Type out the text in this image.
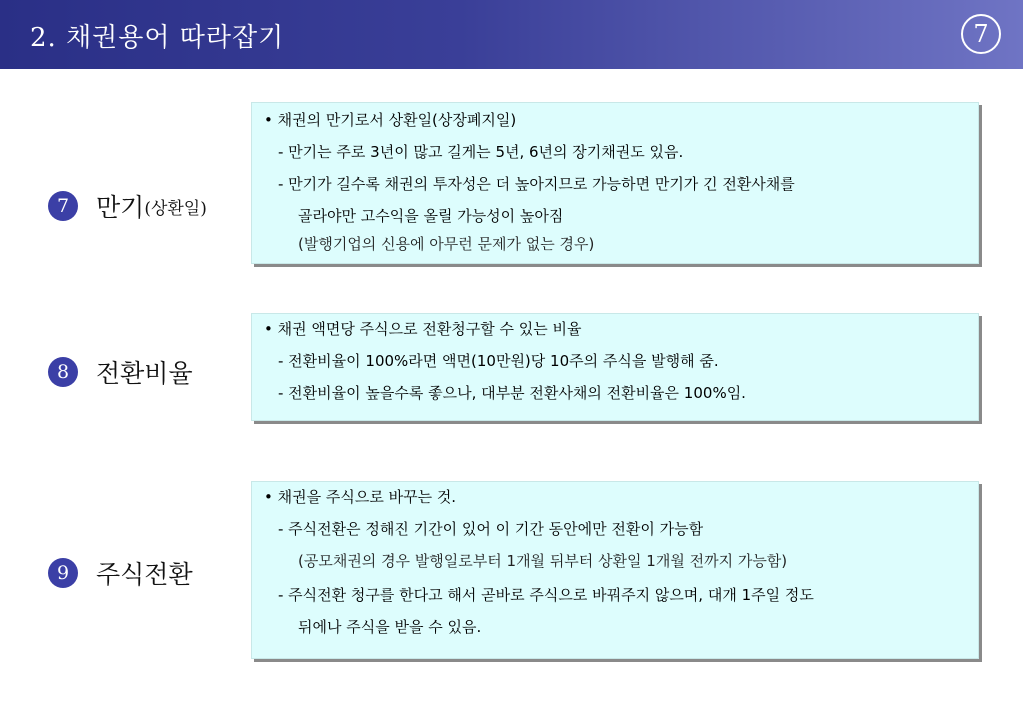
2. 채권용어 따라잡기	7
7	만기 (상환일)
• 채권의 만기로서 상환일(상장폐지일)
- 만기는 주로 3년이 많고 길게는 5년, 6년의 장기채권도 있음.
- 만기가 길수록 채권의 투자성은 더 높아지므로 가능하면 만기가 긴 전환사채를
골라야만 고수익을 올릴 가능성이 높아짐
(발행기업의 신용에 아무런 문제가 없는 경우)
8	전환비율
• 채권 액면당 주식으로 전환청구할 수 있는 비율
- 전환비율이 100%라면 액면(10만원)당 10주의 주식을 발행해 줌.
- 전환비율이 높을수록 좋으나, 대부분 전환사채의 전환비율은 100%임.
9	주식전환
• 채권을 주식으로 바꾸는 것.
- 주식전환은 정해진 기간이 있어 이 기간 동안에만 전환이 가능함
(공모채권의 경우 발행일로부터 1개월 뒤부터 상환일 1개월 전까지 가능함)
- 주식전환 청구를 한다고 해서 곧바로 주식으로 바꿔주지 않으며, 대개 1주일 정도
뒤에나 주식을 받을 수 있음.
